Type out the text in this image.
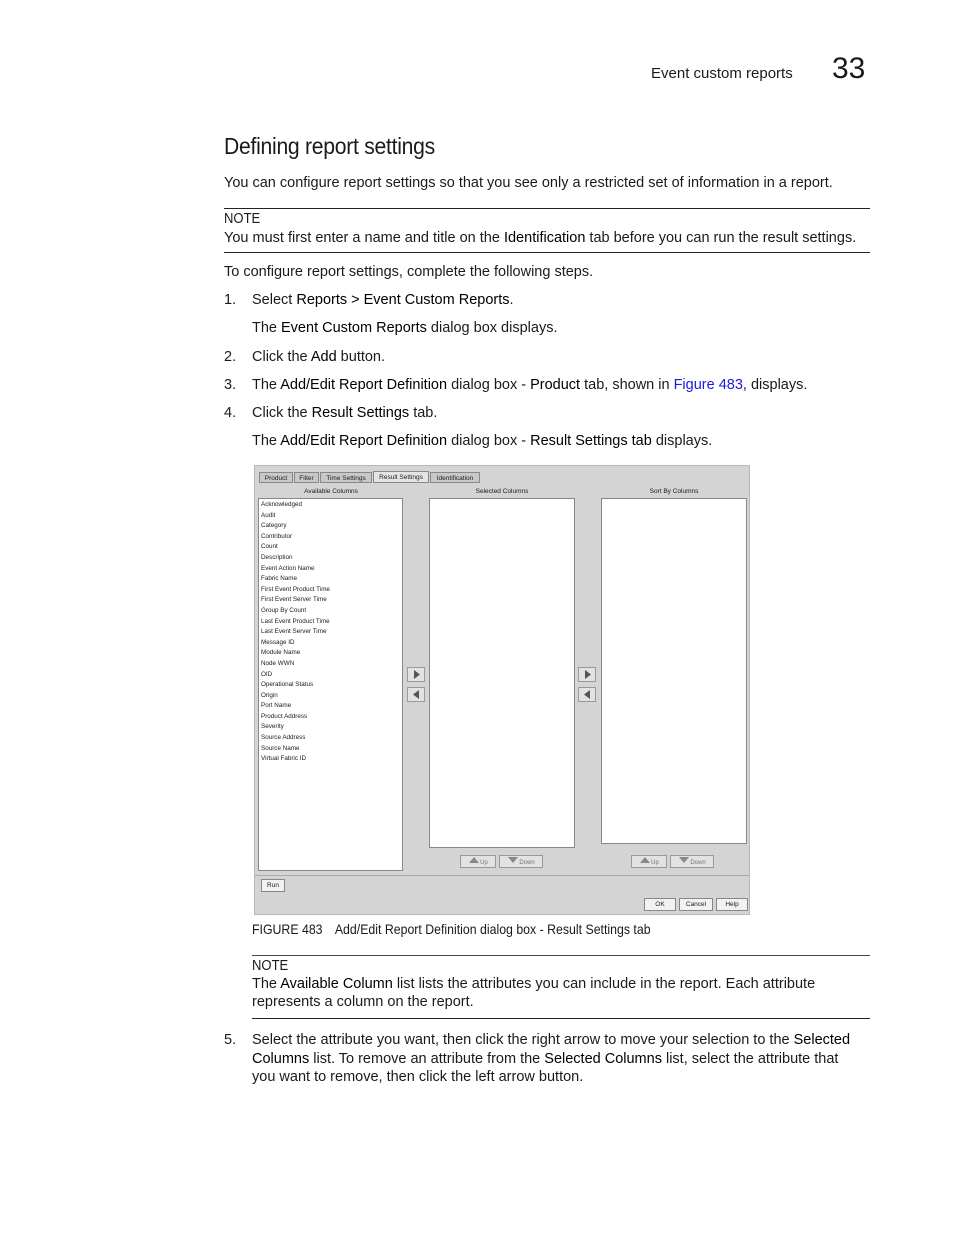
Event custom reports 33
Defining report settings
You can configure report settings so that you see only a restricted set of information in a report.
NOTE
You must first enter a name and title on the Identification tab before you can run the result settings.
To configure report settings, complete the following steps.
1. Select Reports > Event Custom Reports.
The Event Custom Reports dialog box displays.
2. Click the Add button.
3. The Add/Edit Report Definition dialog box - Product tab, shown in Figure 483, displays.
4. Click the Result Settings tab.
The Add/Edit Report Definition dialog box - Result Settings tab displays.
Product	Filter	Time Settings	Result Settings	Identification
Available Columns	Selected Columns	Sort By Columns
Acknowledged
Audit
Category
Contributor
Count
Description
Event Action Name
Fabric Name
First Event Product Time
First Event Server Time
Group By Count
Last Event Product Time
Last Event Server Time
Message ID
Module Name
Node WWN
OID
Operational Status
Origin
Port Name
Product Address
Severity
Source Address
Source Name
Virtual Fabric ID
Up	Down	Up	Down
Run
OK	Cancel	Help
FIGURE 483 Add/Edit Report Definition dialog box - Result Settings tab
NOTE
The Available Column list lists the attributes you can include in the report. Each attribute
represents a column on the report.
5. Select the attribute you want, then click the right arrow to move your selection to the Selected
Columns list. To remove an attribute from the Selected Columns list, select the attribute that
you want to remove, then click the left arrow button.
